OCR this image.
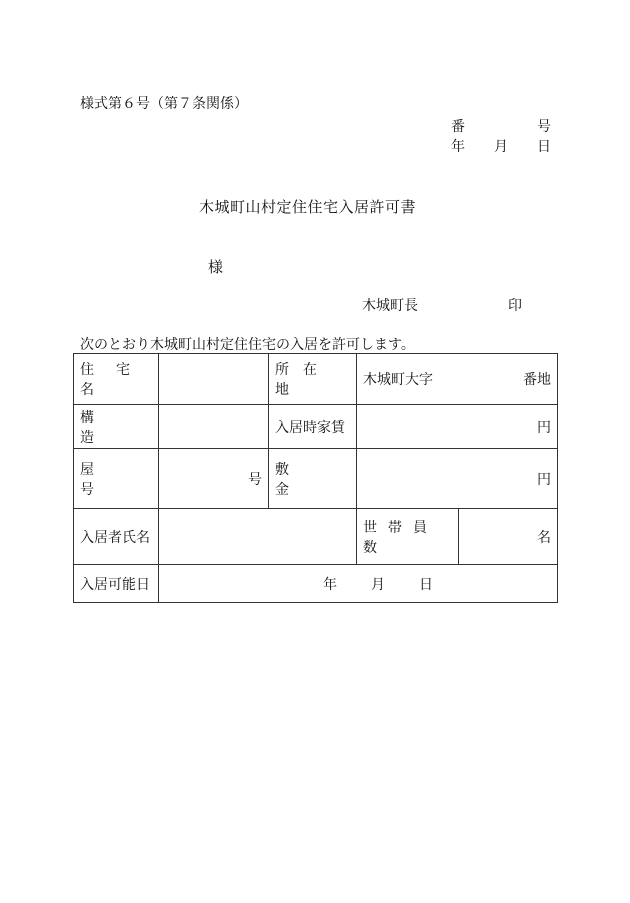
様式第６号（第７条関係）
番	号
年 月 日
木城町山村定住住宅入居許可書
様
木城町長	印
次のとおり木城町山村定住住宅の入居を許可します。
住宅名		所在地	木城町大字 番地	

構造		入居時家賃	円	
屋号	号	敷金	円	
入居者氏名			世帯員数	名
入居可能日	年 月 日			
